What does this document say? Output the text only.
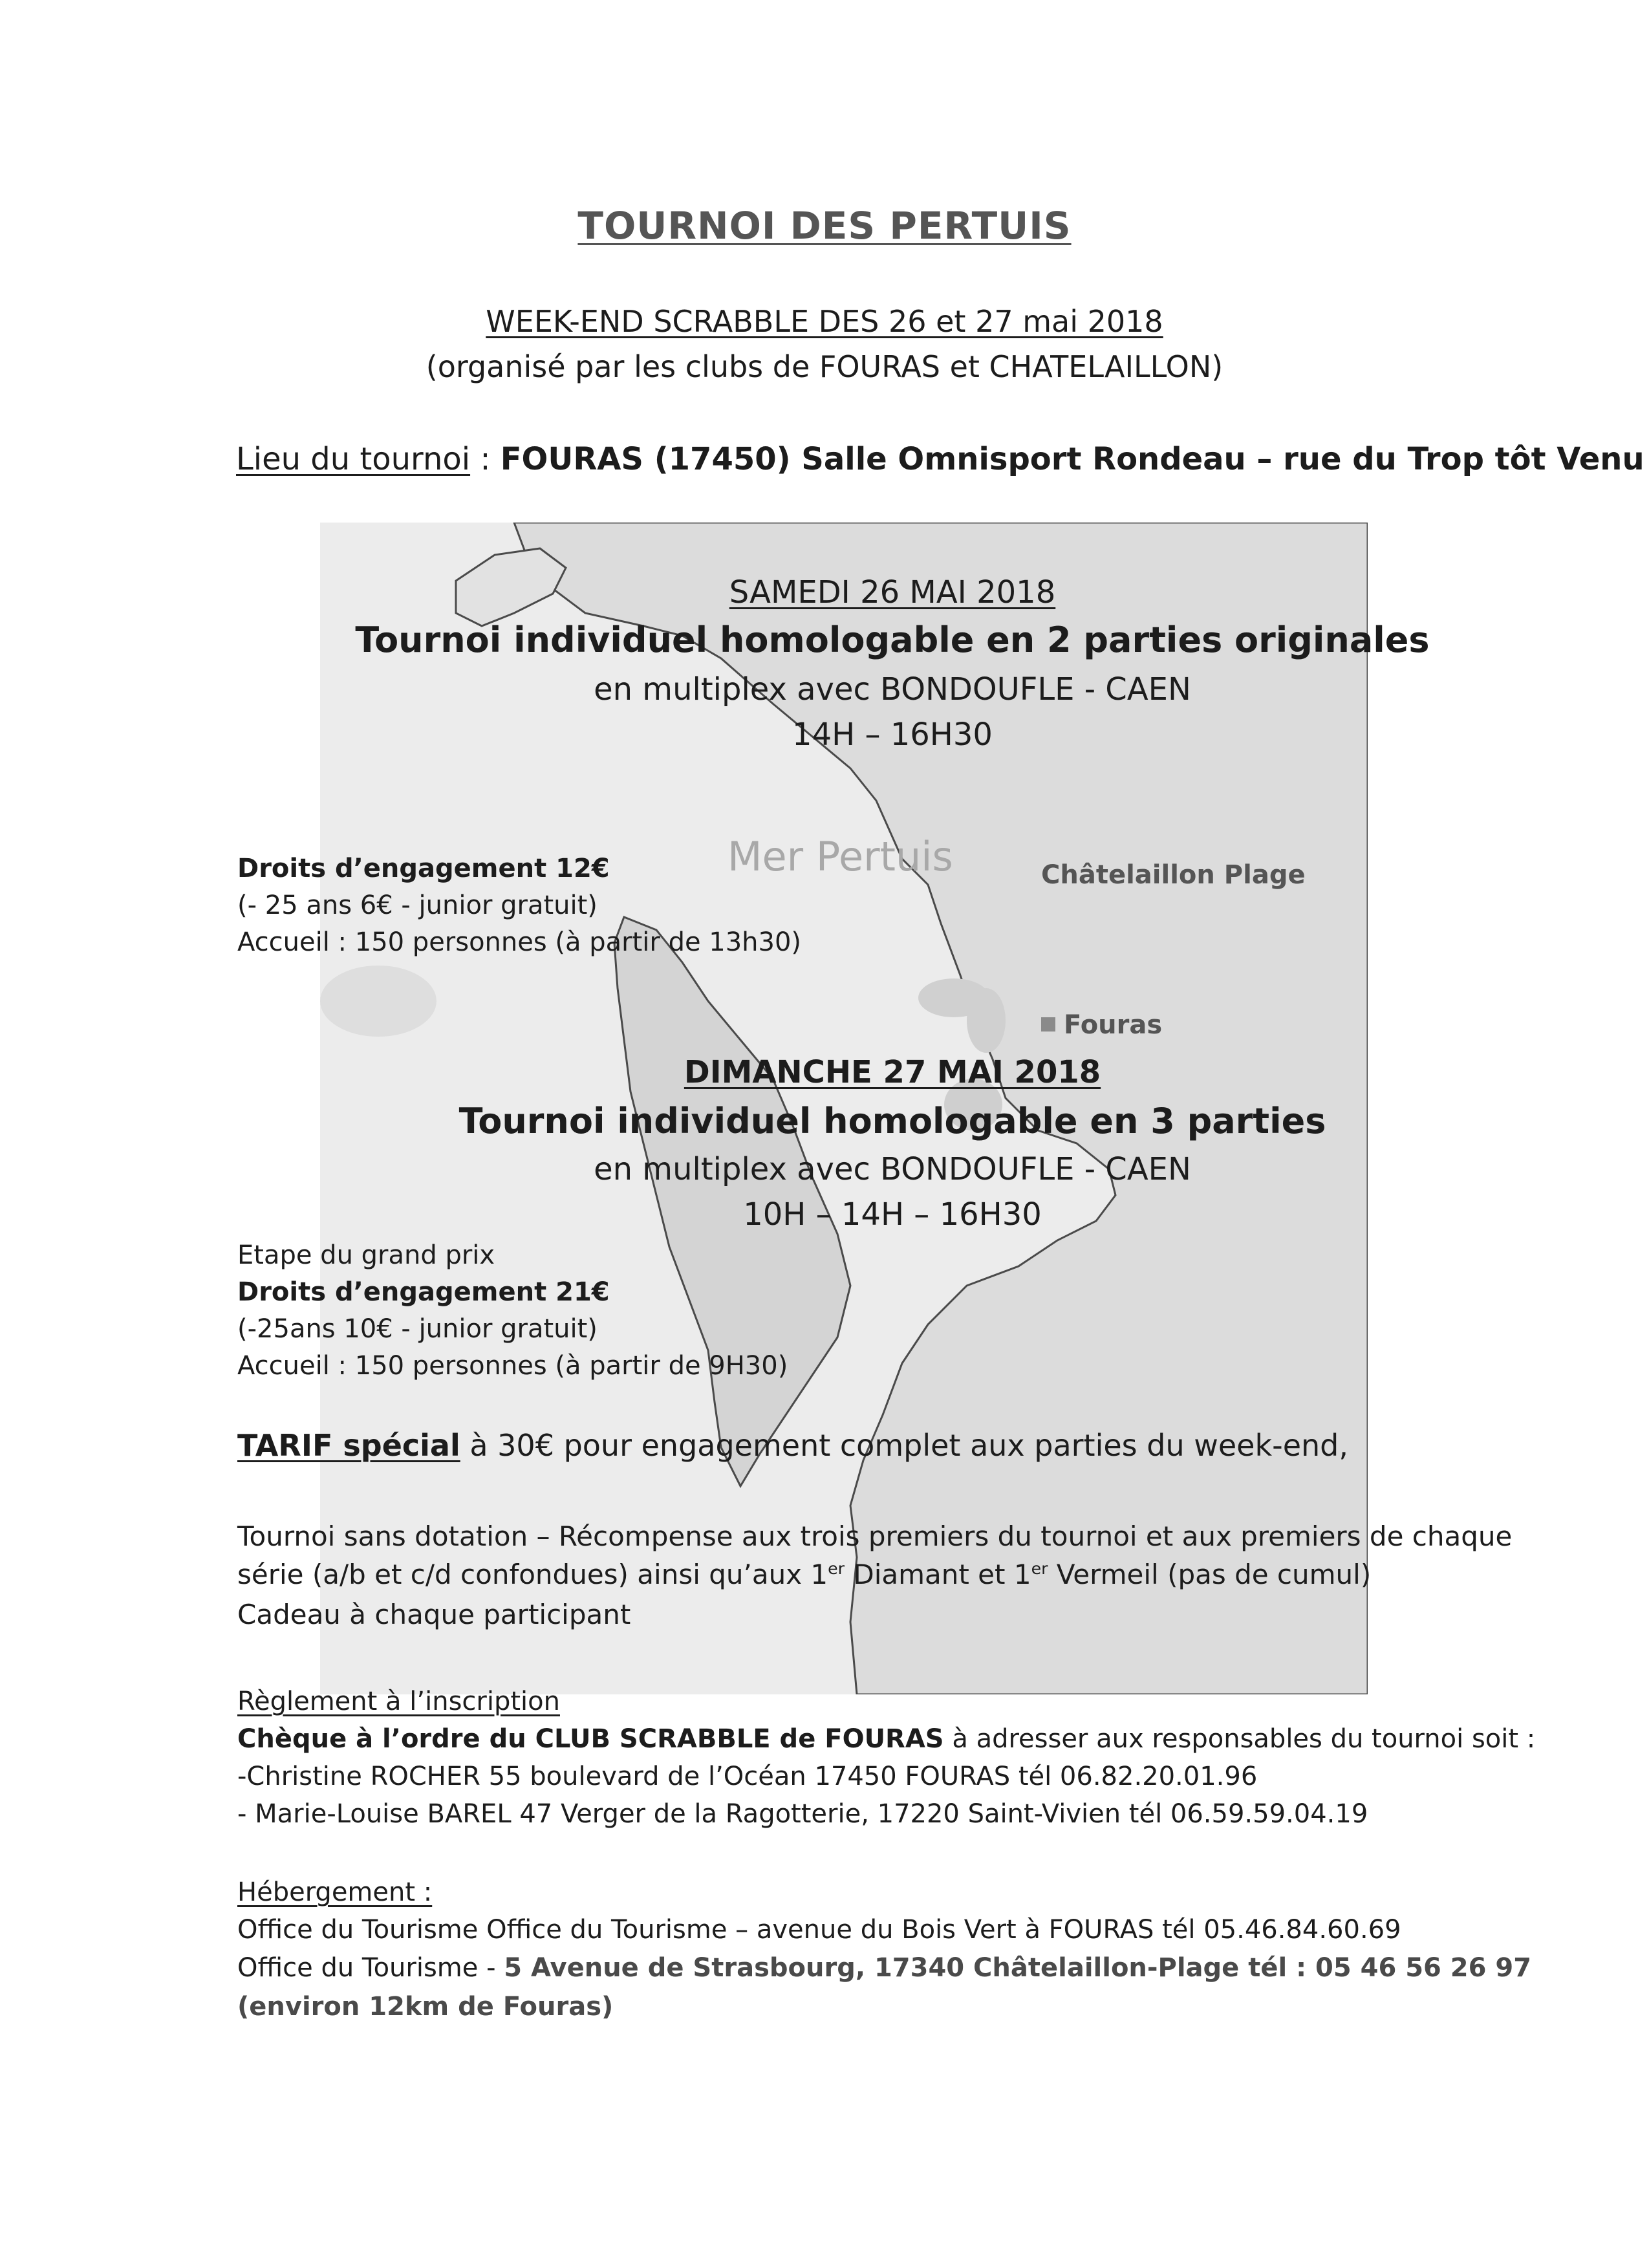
Mer Pertuis	Châtelaillon Plage
Fouras
TOURNOI DES PERTUIS
WEEK-END SCRABBLE DES 26 et 27 mai 2018
(organisé par les clubs de FOURAS et CHATELAILLON)
Lieu du tournoi : FOURAS (17450) Salle Omnisport Rondeau – rue du Trop tôt Venu
SAMEDI 26 MAI 2018
Tournoi individuel homologable en 2 parties originales
en multiplex avec BONDOUFLE - CAEN
14H – 16H30
Droits d’engagement 12€
(- 25 ans 6€ - junior gratuit)
Accueil : 150 personnes (à partir de 13h30)
DIMANCHE 27 MAI 2018
Tournoi individuel homologable en 3 parties
en multiplex avec BONDOUFLE - CAEN
10H – 14H – 16H30
Etape du grand prix
Droits d’engagement 21€
(-25ans 10€ - junior gratuit)
Accueil : 150 personnes (à partir de 9H30)
TARIF spécial à 30€ pour engagement complet aux parties du week-end,
Tournoi sans dotation – Récompense aux trois premiers du tournoi et aux premiers de chaque
série (a/b et c/d confondues) ainsi qu’aux 1er Diamant et 1er Vermeil (pas de cumul)
Cadeau à chaque participant
Règlement à l’inscription
Chèque à l’ordre du CLUB SCRABBLE de FOURAS à adresser aux responsables du tournoi soit :
-Christine ROCHER 55 boulevard de l’Océan 17450 FOURAS tél 06.82.20.01.96
- Marie-Louise BAREL 47 Verger de la Ragotterie, 17220 Saint-Vivien tél 06.59.59.04.19
Hébergement :
Office du Tourisme Office du Tourisme – avenue du Bois Vert à FOURAS tél 05.46.84.60.69
Office du Tourisme - 5 Avenue de Strasbourg, 17340 Châtelaillon-Plage tél : 05 46 56 26 97
(environ 12km de Fouras)
